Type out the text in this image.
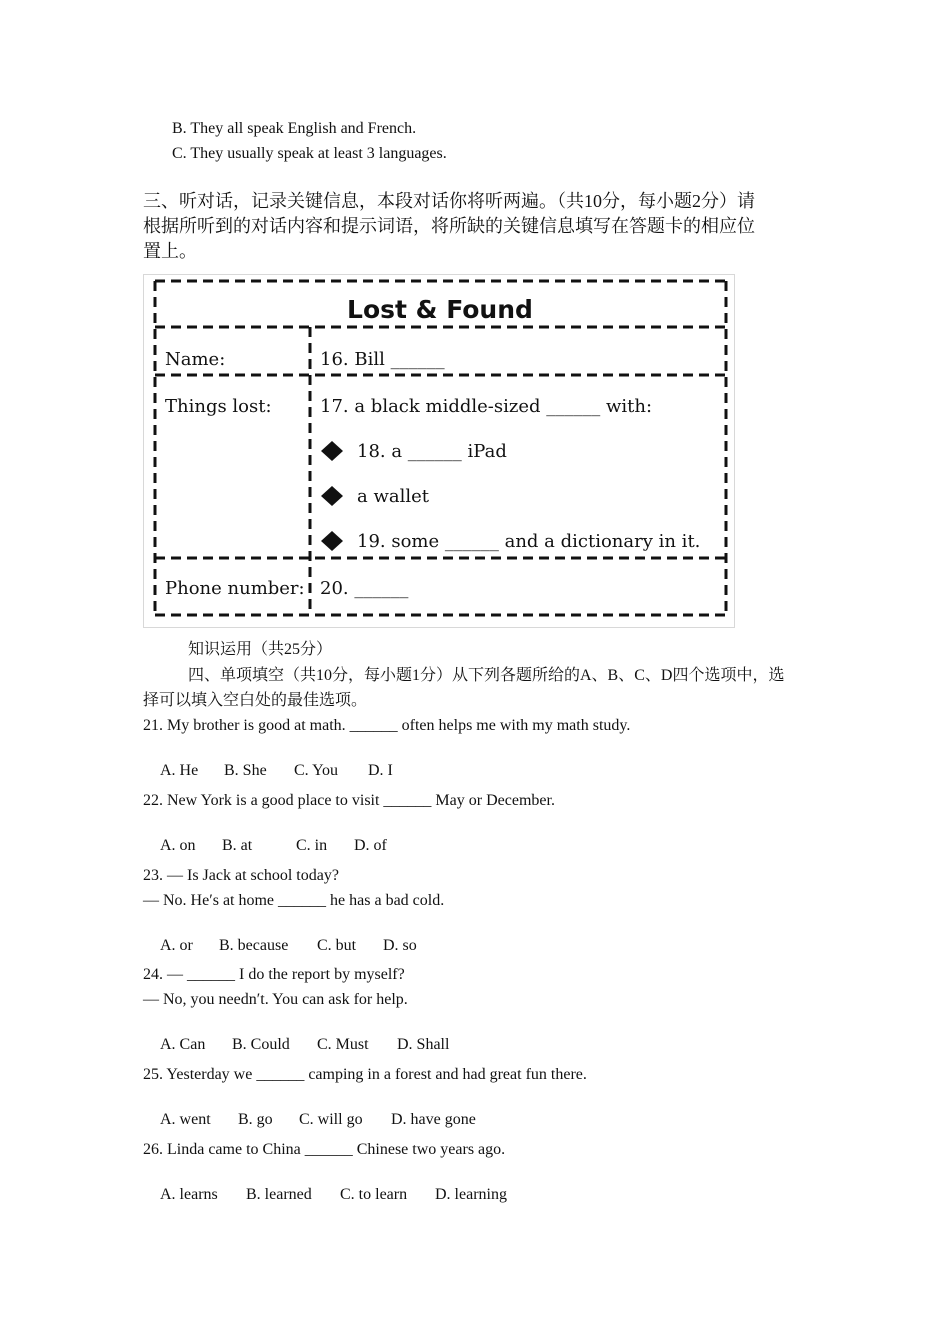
B. They all speak English and French.
C. They usually speak at least 3 languages.
三、听对话，记录关键信息，本段对话你将听两遍。（共10分，每小题2分）请
根据所听到的对话内容和提示词语，将所缺的关键信息填写在答题卡的相应位
置上。
Lost & Found
Name:	16. Bill ______
Things lost:	17. a black middle-sized ______ with:
18. a ______ iPad
a wallet
19. some ______ and a dictionary in it.
Phone number: 20. ______
知识运用（共25分）
四、单项填空（共10分，每小题1分）从下列各题所给的A、B、C、D四个选项中，选
择可以填入空白处的最佳选项。
21. My brother is good at math. ______ often helps me with my math study.

A. He B. She C. You D. I

22. New York is a good place to visit ______ May or December.

A. on B. at	C. in D. of

23. — Is Jack at school today?
— No. He′s at home ______ he has a bad cold.

A. or B. because C. but D. so

24. — ______ I do the report by myself?
— No, you needn′t. You can ask for help.

A. Can B. Could C. Must D. Shall

25. Yesterday we ______ camping in a forest and had great fun there.

A. went B. go C. will go D. have gone

26. Linda came to China ______ Chinese two years ago.

A. learns B. learned C. to learn D. learning
